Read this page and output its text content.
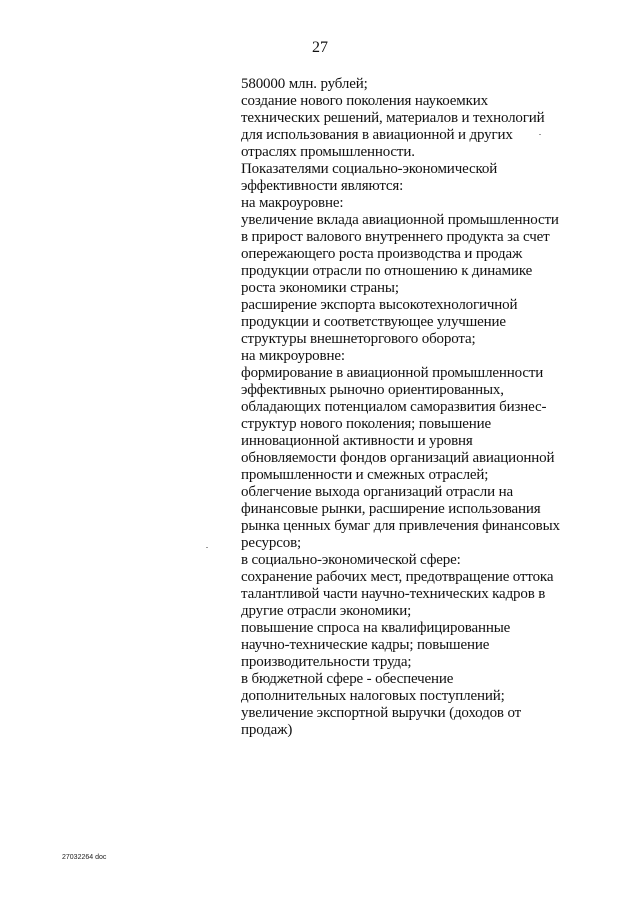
27
580000 млн. рублей;
создание нового поколения наукоемких
технических решений, материалов и технологий
для использования в авиационной и других
отраслях промышленности.
Показателями социально-экономической
эффективности являются:
на макроуровне:
увеличение вклада авиационной промышленности
в прирост валового внутреннего продукта за счет
опережающего роста производства и продаж
продукции отрасли по отношению к динамике
роста экономики страны;
расширение экспорта высокотехнологичной
продукции и соответствующее улучшение
структуры внешнеторгового оборота;
на микроуровне:
формирование в авиационной промышленности
эффективных рыночно ориентированных,
обладающих потенциалом саморазвития бизнес-
структур нового поколения; повышение
инновационной активности и уровня
обновляемости фондов организаций авиационной
промышленности и смежных отраслей;
облегчение выхода организаций отрасли на
финансовые рынки, расширение использования
рынка ценных бумаг для привлечения финансовых
ресурсов;
в социально-экономической сфере:
сохранение рабочих мест, предотвращение оттока
талантливой части научно-технических кадров в
другие отрасли экономики;
повышение спроса на квалифицированные
научно-технические кадры; повышение
производительности труда;
в бюджетной сфере - обеспечение
дополнительных налоговых поступлений;
увеличение экспортной выручки (доходов от
продаж)
27032264 doc
